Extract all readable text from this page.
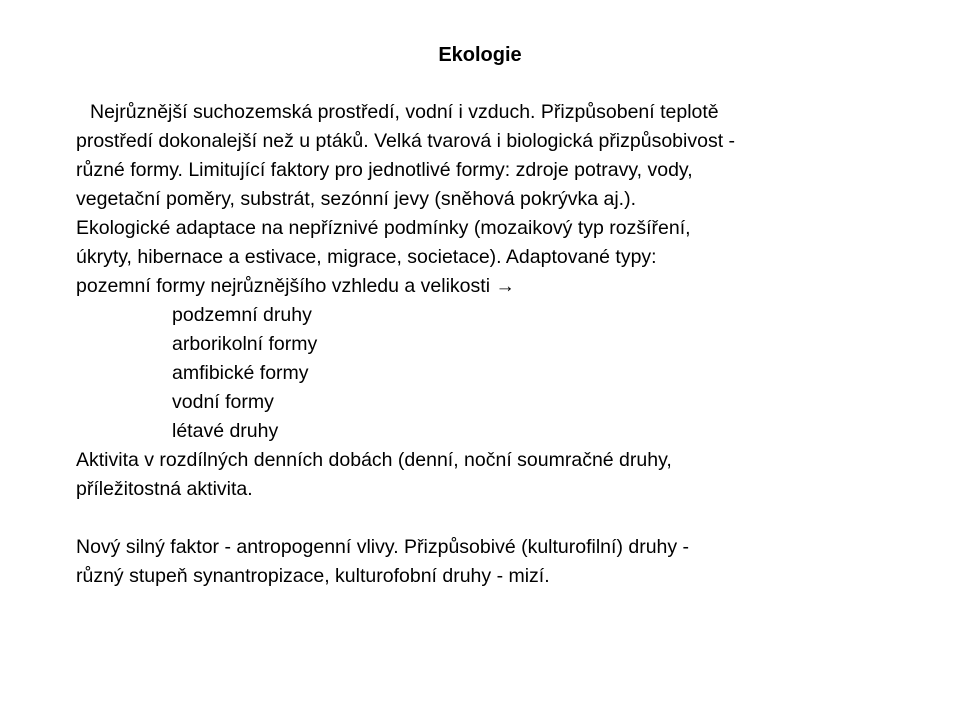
Ekologie
Nejrůznější suchozemská prostředí, vodní i vzduch. Přizpůsobení teplotě
prostředí dokonalejší než u ptáků. Velká tvarová i biologická přizpůsobivost -
různé formy. Limitující faktory pro jednotlivé formy: zdroje potravy, vody,
vegetační poměry, substrát, sezónní jevy (sněhová pokrývka aj.).
Ekologické adaptace na nepříznivé podmínky (mozaikový typ rozšíření,
úkryty, hibernace a estivace, migrace, societace). Adaptované typy:
pozemní formy nejrůznějšího vzhledu a velikosti →
podzemní druhy
arborikolní formy
amfibické formy
vodní formy
létavé druhy
Aktivita v rozdílných denních dobách (denní, noční soumračné druhy,
příležitostná aktivita.
Nový silný faktor - antropogenní vlivy. Přizpůsobivé (kulturofilní) druhy -
různý stupeň synantropizace, kulturofobní druhy - mizí.
